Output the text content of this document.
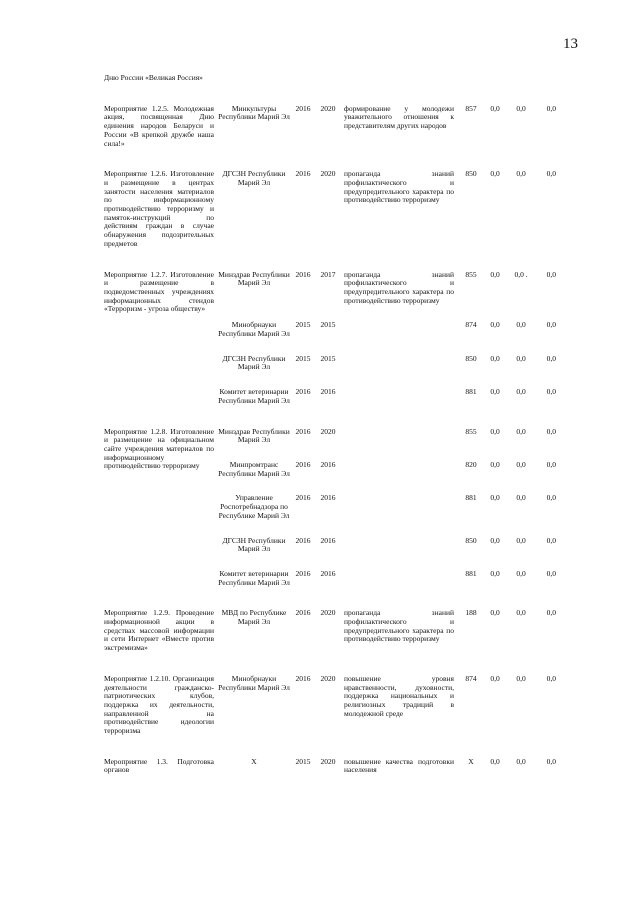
13
Дню России «Великая Россия»								

Мероприятие 1.2.5. Молодежная акция, посвященная Дню единения народов Беларуси и России «В крепкой дружбе наша сила!»	Минкультуры Республики Марий Эл	2016	2020	формирование у молодежи уважительного отношения к представителям других народов	857	0,0	0,0	0,0

Мероприятие 1.2.6. Изготовление и размещение в центрах занятости населения материалов по информационному противодействию терроризму и памяток-инструкций по действиям граждан в случае обнаружения подозрительных предметов	ДГСЗН Республики Марий Эл	2016	2020	пропаганда знаний профилактического и предупредительного характера по противодействию терроризму	850	0,0	0,0	0,0

Мероприятие 1.2.7. Изготовление и размещение в подведомственных учреждениях информационных стендов «Терроризм - угроза обществу»	Минздрав Республики Марий Эл	2016	2017	пропаганда знаний профилактического и предупредительного характера по противодействию терроризму	855	0,0	0,0 .	0,0

	Минобрнауки Республики Марий Эл	2015	2015		874	0,0	0,0	0,0

	ДГСЗН Республики Марий Эл	2015	2015		850	0,0	0,0	0,0

	Комитет ветеринарии Республики Марий Эл	2016	2016		881	0,0	0,0	0,0

Мероприятие 1.2.8. Изготовление и размещение на официальном сайте учреждения материалов по информационному противодействию терроризму	Минздрав Республики Марий Эл	2016	2020		855	0,0	0,0	0,0

	Минпромтранс Республики Марий Эл	2016	2016		820	0,0	0,0	0,0

	Управление Роспотребнадзора по Республике Марий Эл	2016	2016		881	0,0	0,0	0,0

	ДГСЗН Республики Марий Эл	2016	2016		850	0,0	0,0	0,0

	Комитет ветеринарии Республики Марий Эл	2016	2016		881	0,0	0,0	0,0

Мероприятие 1.2.9. Проведение информационной акции в средствах массовой информации и сети Интернет «Вместе против экстремизма»	МВД по Республике Марий Эл	2016	2020	пропаганда знаний профилактического и предупредительного характера по противодействию терроризму	188	0,0	0,0	0,0

Мероприятие 1.2.10. Организация деятельности гражданско-патриотических клубов, поддержка их деятельности, направленной на противодействие идеологии терроризма	Минобрнауки Республики Марий Эл	2016	2020	повышение уровня нравственности, духовности, поддержка национальных и религиозных традиций в молодежной среде	874	0,0	0,0	0,0

Мероприятие 1.3. Подготовка органов	Х	2015	2020	повышение качества подготовки населения	Х	0,0	0,0	0,0
